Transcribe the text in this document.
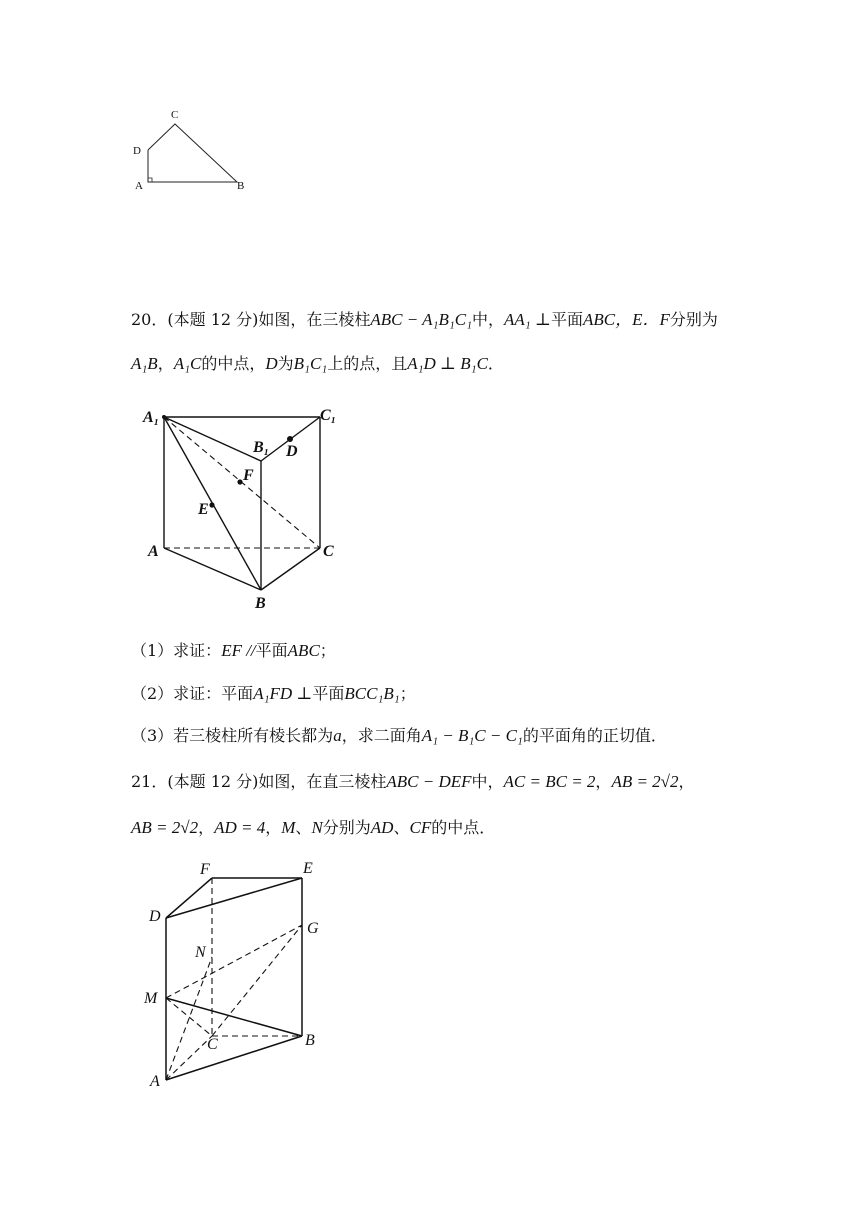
C
D
A	B
20．(本题 12 分)如图，在三棱柱ABC − A₁B₁C₁中，AA₁ ⊥平面ABC，E．F分别为
A₁B，A₁C的中点，D为B₁C₁上的点，且A₁D ⊥ B₁C．
A₁	C₁
B₁ D
F
E
A	C
B
（1）求证：EF //平面ABC；
（2）求证：平面A₁FD ⊥平面BCC₁B₁；
（3）若三棱柱所有棱长都为a，求二面角A₁ − B₁C − C₁的平面角的正切值．
21．(本题 12 分)如图，在直三棱柱ABC − DEF中，AC = BC = 2，AB = 2√2，
AB = 2√2，AD = 4，M、N分别为AD、CF的中点．
F	E
D
G
N
M
C	B
A
